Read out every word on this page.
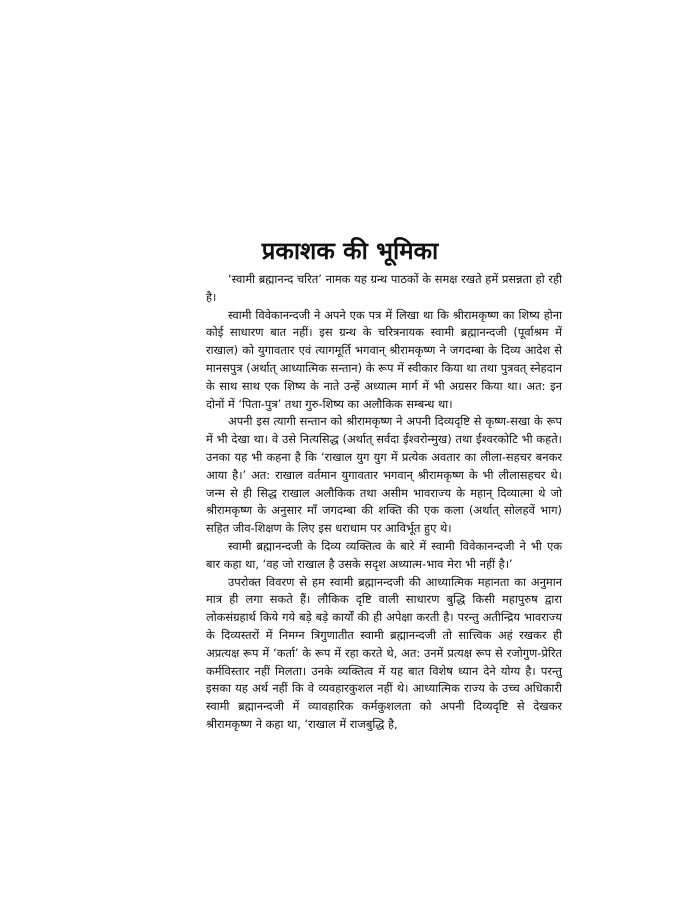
प्रकाशक की भूमिका

‘स्वामी ब्रह्मानन्द चरित’ नामक यह ग्रन्थ पाठकों के समक्ष रखते हमें प्रसन्नता हो रही है।

स्वामी विवेकानन्दजी ने अपने एक पत्र में लिखा था कि श्रीरामकृष्ण का शिष्य होना कोई साधारण बात नहीं। इस ग्रन्थ के चरित्रनायक स्वामी ब्रह्मानन्दजी (पूर्वाश्रम में राखाल) को युगावतार एवं त्यागमूर्ति भगवान् श्रीरामकृष्ण ने जगदम्बा के दिव्य आदेश से मानसपुत्र (अर्थात् आध्यात्मिक सन्तान) के रूप में स्वीकार किया था तथा पुत्रवत् स्नेहदान के साथ साथ एक शिष्य के नाते उन्हें अध्यात्म मार्ग में भी अग्रसर किया था। अत: इन दोनों में ‘पिता-पुत्र’ तथा गुरु-शिष्य का अलौकिक सम्बन्ध था।

अपनी इस त्यागी सन्तान को श्रीरामकृष्ण ने अपनी दिव्यदृष्टि से कृष्ण-सखा के रूप में भी देखा था। वे उसे नित्यसिद्ध (अर्थात् सर्वदा ईश्वरोन्मुख) तथा ईश्वरकोटि भी कहते। उनका यह भी कहना है कि ‘राखाल युग युग में प्रत्येक अवतार का लीला-सहचर बनकर आया है।’ अत: राखाल वर्तमान युगावतार भगवान् श्रीरामकृष्ण के भी लीलासहचर थे। जन्म से ही सिद्ध राखाल अलौकिक तथा असीम भावराज्य के महान् दिव्यात्मा थे जो श्रीरामकृष्ण के अनुसार माँ जगदम्बा की शक्ति की एक कला (अर्थात् सोलहवें भाग) सहित जीव-शिक्षण के लिए इस धराधाम पर आविर्भूत हुए थे।

स्वामी ब्रह्मानन्दजी के दिव्य व्यक्तित्व के बारे में स्वामी विवेकानन्दजी ने भी एक बार कहा था, ‘वह जो राखाल है उसके सदृश अध्यात्म-भाव मेरा भी नहीं है।’

उपरोक्त विवरण से हम स्वामी ब्रह्मानन्दजी की आध्यात्मिक महानता का अनुमान मात्र ही लगा सकते हैं। लौकिक दृष्टि वाली साधारण बुद्धि किसी महापुरुष द्वारा लोकसंग्रहार्थ किये गये बड़े बड़े कार्यों की ही अपेक्षा करती है। परन्तु अतीन्द्रिय भावराज्य के दिव्यस्तरों में निमग्न त्रिगुणातीत स्वामी ब्रह्मानन्दजी तो सात्त्विक अहं रखकर ही अप्रत्यक्ष रूप में ‘कर्ता’ के रूप में रहा करते थे, अत: उनमें प्रत्यक्ष रूप से रजोगुण-प्रेरित कर्मविस्तार नहीं मिलता। उनके व्यक्तित्व में यह बात विशेष ध्यान देने योग्य है। परन्तु इसका यह अर्थ नहीं कि वे व्यवहारकुशल नहीं थे। आध्यात्मिक राज्य के उच्च अधिकारी स्वामी ब्रह्मानन्दजी में व्यावहारिक कर्मकुशलता को अपनी दिव्यदृष्टि से देखकर श्रीरामकृष्ण ने कहा था, ‘राखाल में राजबुद्धि है,
